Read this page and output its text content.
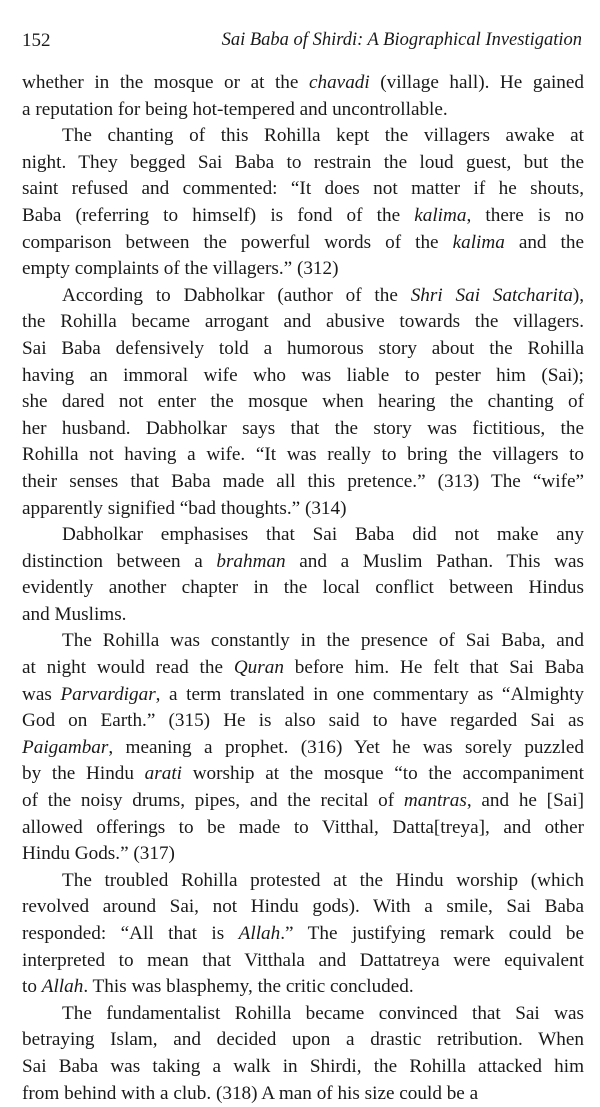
152	Sai Baba of Shirdi: A Biographical Investigation
whether in the mosque or at the chavadi (village hall). He gained
a reputation for being hot-tempered and uncontrollable.
The chanting of this Rohilla kept the villagers awake at
night. They begged Sai Baba to restrain the loud guest, but the
saint refused and commented: “It does not matter if he shouts,
Baba (referring to himself) is fond of the kalima, there is no
comparison between the powerful words of the kalima and the
empty complaints of the villagers.” (312)
According to Dabholkar (author of the Shri Sai Satcharita),
the Rohilla became arrogant and abusive towards the villagers.
Sai Baba defensively told a humorous story about the Rohilla
having an immoral wife who was liable to pester him (Sai);
she dared not enter the mosque when hearing the chanting of
her husband. Dabholkar says that the story was fictitious, the
Rohilla not having a wife. “It was really to bring the villagers to
their senses that Baba made all this pretence.” (313) The “wife”
apparently signified “bad thoughts.” (314)
Dabholkar emphasises that Sai Baba did not make any
distinction between a brahman and a Muslim Pathan. This was
evidently another chapter in the local conflict between Hindus
and Muslims.
The Rohilla was constantly in the presence of Sai Baba, and
at night would read the Quran before him. He felt that Sai Baba
was Parvardigar, a term translated in one commentary as “Almighty
God on Earth.” (315) He is also said to have regarded Sai as
Paigambar, meaning a prophet. (316) Yet he was sorely puzzled
by the Hindu arati worship at the mosque “to the accompaniment
of the noisy drums, pipes, and the recital of mantras, and he [Sai]
allowed offerings to be made to Vitthal, Datta[treya], and other
Hindu Gods.” (317)
The troubled Rohilla protested at the Hindu worship (which
revolved around Sai, not Hindu gods). With a smile, Sai Baba
responded: “All that is Allah.” The justifying remark could be
interpreted to mean that Vitthala and Dattatreya were equivalent
to Allah. This was blasphemy, the critic concluded.
The fundamentalist Rohilla became convinced that Sai was
betraying Islam, and decided upon a drastic retribution. When
Sai Baba was taking a walk in Shirdi, the Rohilla attacked him
from behind with a club. (318) A man of his size could be a
